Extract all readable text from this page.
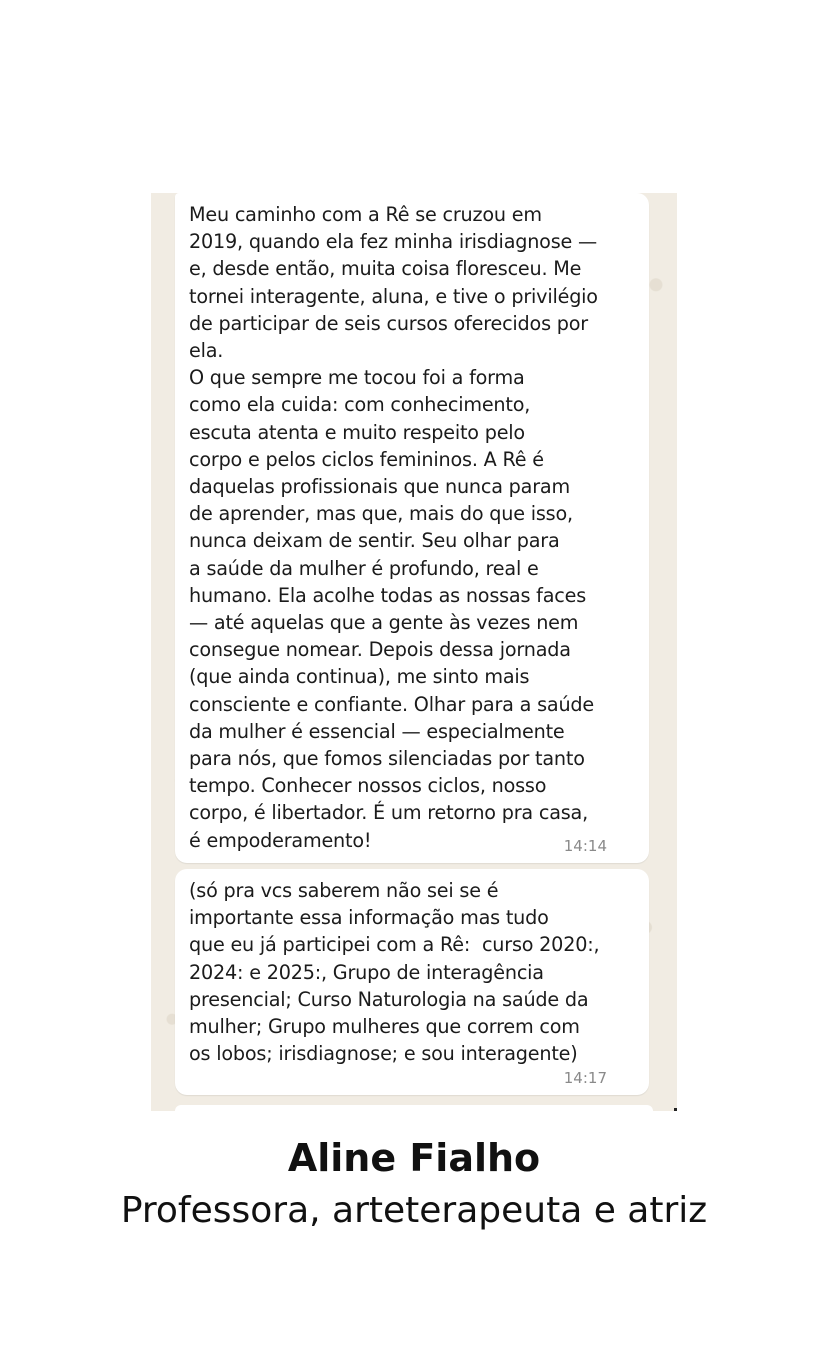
Meu caminho com a Rê se cruzou em
2019, quando ela fez minha irisdiagnose —
e, desde então, muita coisa floresceu. Me
tornei interagente, aluna, e tive o privilégio
de participar de seis cursos oferecidos por
ela.
O que sempre me tocou foi a forma
como ela cuida: com conhecimento,
escuta atenta e muito respeito pelo
corpo e pelos ciclos femininos. A Rê é
daquelas profissionais que nunca param
de aprender, mas que, mais do que isso,
nunca deixam de sentir. Seu olhar para
a saúde da mulher é profundo, real e
humano. Ela acolhe todas as nossas faces
— até aquelas que a gente às vezes nem
consegue nomear. Depois dessa jornada
(que ainda continua), me sinto mais
consciente e confiante. Olhar para a saúde
da mulher é essencial — especialmente
para nós, que fomos silenciadas por tanto
tempo. Conhecer nossos ciclos, nosso
corpo, é libertador. É um retorno pra casa,
é empoderamento!	14:14

(só pra vcs saberem não sei se é
importante essa informação mas tudo
que eu já participei com a Rê:  curso 2020:,
2024: e 2025:, Grupo de interagência
presencial; Curso Naturologia na saúde da
mulher; Grupo mulheres que correm com
os lobos; irisdiagnose; e sou interagente)

14:17
Aline Fialho

Professora, arteterapeuta e atriz
